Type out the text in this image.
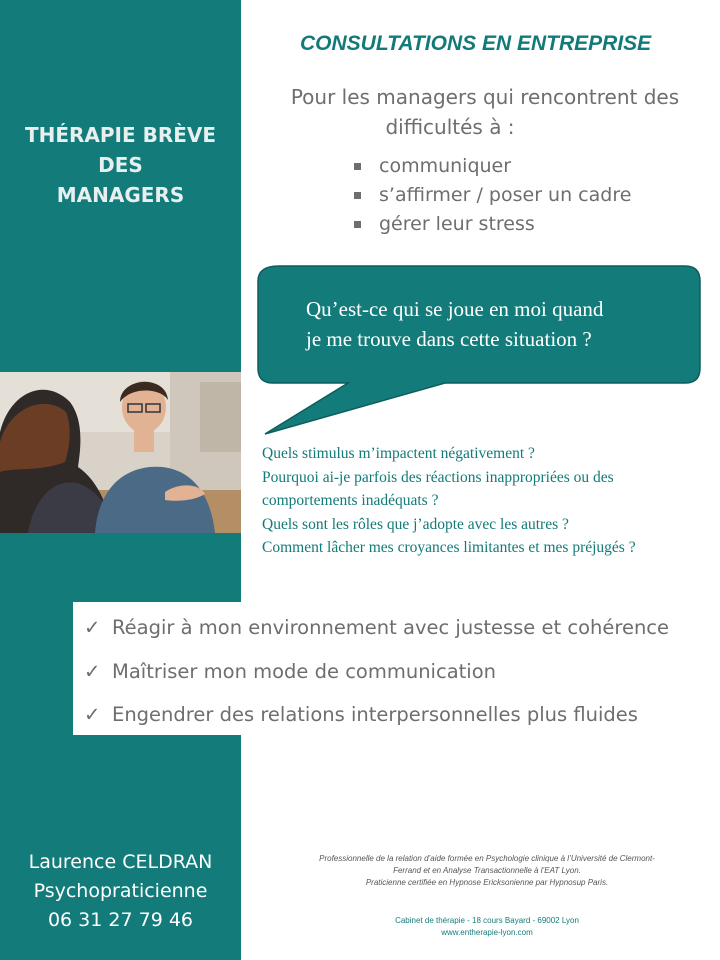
THÉRAPIE BRÈVE
DES
MANAGERS
CONSULTATIONS EN ENTREPRISE
Pour les managers qui rencontrent des
difficultés à :
communiquer
s’affirmer / poser un cadre
gérer leur stress
Qu’est-ce qui se joue en moi quand
je me trouve dans cette situation ?
Quels stimulus m’impactent négativement ?
Pourquoi ai-je parfois des réactions inappropriées ou des
comportements inadéquats ?
Quels sont les rôles que j’adopte avec les autres ?
Comment lâcher mes croyances limitantes et mes préjugés ?
✓ Réagir à mon environnement avec justesse et cohérence
✓ Maîtriser mon mode de communication
✓ Engendrer des relations interpersonnelles plus fluides
Laurence CELDRAN
Psychopraticienne
06 31 27 79 46
Professionnelle de la relation d’aide formée en Psychologie clinique à l’Université de Clermont-
Ferrand et en Analyse Transactionnelle à l’EAT Lyon.
Praticienne certifiée en Hypnose Ericksonienne par Hypnosup Paris.
Cabinet de thérapie - 18 cours Bayard - 69002 Lyon
www.entherapie-lyon.com
